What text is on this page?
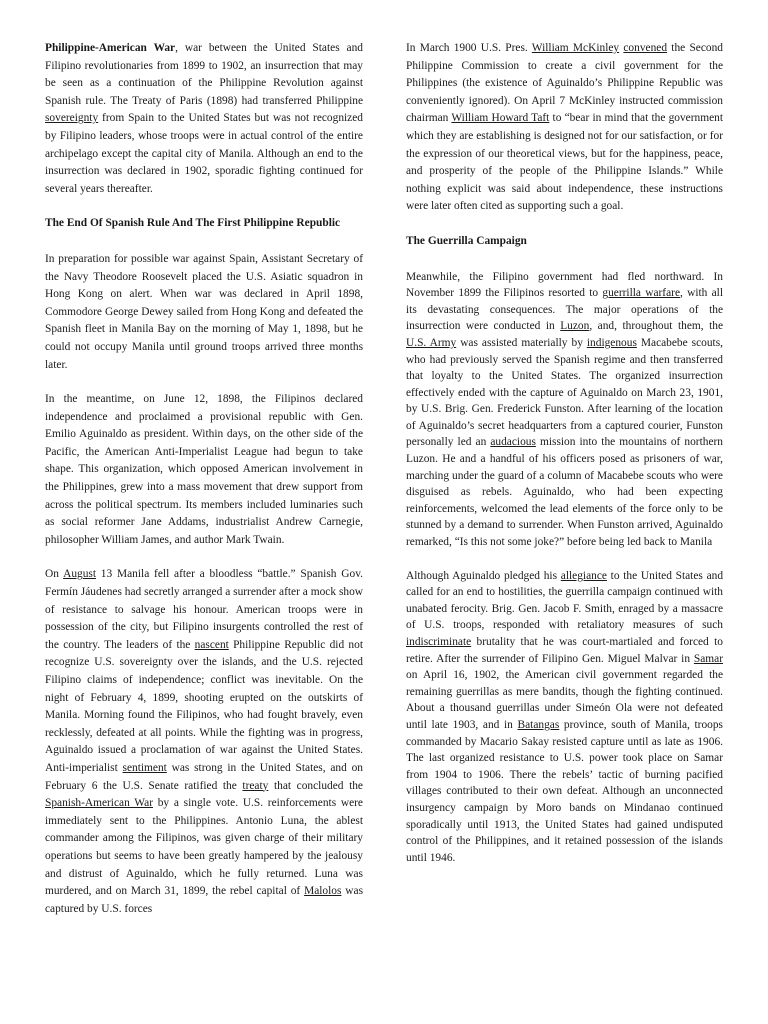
Philippine-American War, war between the United States and Filipino revolutionaries from 1899 to 1902, an insurrection that may be seen as a continuation of the Philippine Revolution against Spanish rule. The Treaty of Paris (1898) had transferred Philippine sovereignty from Spain to the United States but was not recognized by Filipino leaders, whose troops were in actual control of the entire archipelago except the capital city of Manila. Although an end to the insurrection was declared in 1902, sporadic fighting continued for several years thereafter.

The End Of Spanish Rule And The First Philippine Republic

In preparation for possible war against Spain, Assistant Secretary of the Navy Theodore Roosevelt placed the U.S. Asiatic squadron in Hong Kong on alert. When war was declared in April 1898, Commodore George Dewey sailed from Hong Kong and defeated the Spanish fleet in Manila Bay on the morning of May 1, 1898, but he could not occupy Manila until ground troops arrived three months later.

In the meantime, on June 12, 1898, the Filipinos declared independence and proclaimed a provisional republic with Gen. Emilio Aguinaldo as president. Within days, on the other side of the Pacific, the American Anti-Imperialist League had begun to take shape. This organization, which opposed American involvement in the Philippines, grew into a mass movement that drew support from across the political spectrum. Its members included luminaries such as social reformer Jane Addams, industrialist Andrew Carnegie, philosopher William James, and author Mark Twain.

On August 13 Manila fell after a bloodless “battle.” Spanish Gov. Fermín Jáudenes had secretly arranged a surrender after a mock show of resistance to salvage his honour. American troops were in possession of the city, but Filipino insurgents controlled the rest of the country. The leaders of the nascent Philippine Republic did not recognize U.S. sovereignty over the islands, and the U.S. rejected Filipino claims of independence; conflict was inevitable. On the night of February 4, 1899, shooting erupted on the outskirts of Manila. Morning found the Filipinos, who had fought bravely, even recklessly, defeated at all points. While the fighting was in progress, Aguinaldo issued a proclamation of war against the United States. Anti-imperialist sentiment was strong in the United States, and on February 6 the U.S. Senate ratified the treaty that concluded the Spanish-American War by a single vote. U.S. reinforcements were immediately sent to the Philippines. Antonio Luna, the ablest commander among the Filipinos, was given charge of their military operations but seems to have been greatly hampered by the jealousy and distrust of Aguinaldo, which he fully returned. Luna was murdered, and on March 31, 1899, the rebel capital of Malolos was captured by U.S. forces

In March 1900 U.S. Pres. William McKinley convened the Second Philippine Commission to create a civil government for the Philippines (the existence of Aguinaldo’s Philippine Republic was conveniently ignored). On April 7 McKinley instructed commission chairman William Howard Taft to “bear in mind that the government which they are establishing is designed not for our satisfaction, or for the expression of our theoretical views, but for the happiness, peace, and prosperity of the people of the Philippine Islands.” While nothing explicit was said about independence, these instructions were later often cited as supporting such a goal.

The Guerrilla Campaign

Meanwhile, the Filipino government had fled northward. In November 1899 the Filipinos resorted to guerrilla warfare, with all its devastating consequences. The major operations of the insurrection were conducted in Luzon, and, throughout them, the U.S. Army was assisted materially by indigenous Macabebe scouts, who had previously served the Spanish regime and then transferred that loyalty to the United States. The organized insurrection effectively ended with the capture of Aguinaldo on March 23, 1901, by U.S. Brig. Gen. Frederick Funston. After learning of the location of Aguinaldo’s secret headquarters from a captured courier, Funston personally led an audacious mission into the mountains of northern Luzon. He and a handful of his officers posed as prisoners of war, marching under the guard of a column of Macabebe scouts who were disguised as rebels. Aguinaldo, who had been expecting reinforcements, welcomed the lead elements of the force only to be stunned by a demand to surrender. When Funston arrived, Aguinaldo remarked, “Is this not some joke?” before being led back to Manila

Although Aguinaldo pledged his allegiance to the United States and called for an end to hostilities, the guerrilla campaign continued with unabated ferocity. Brig. Gen. Jacob F. Smith, enraged by a massacre of U.S. troops, responded with retaliatory measures of such indiscriminate brutality that he was court-martialed and forced to retire. After the surrender of Filipino Gen. Miguel Malvar in Samar on April 16, 1902, the American civil government regarded the remaining guerrillas as mere bandits, though the fighting continued. About a thousand guerrillas under Simeón Ola were not defeated until late 1903, and in Batangas province, south of Manila, troops commanded by Macario Sakay resisted capture until as late as 1906. The last organized resistance to U.S. power took place on Samar from 1904 to 1906. There the rebels’ tactic of burning pacified villages contributed to their own defeat. Although an unconnected insurgency campaign by Moro bands on Mindanao continued sporadically until 1913, the United States had gained undisputed control of the Philippines, and it retained possession of the islands until 1946.
